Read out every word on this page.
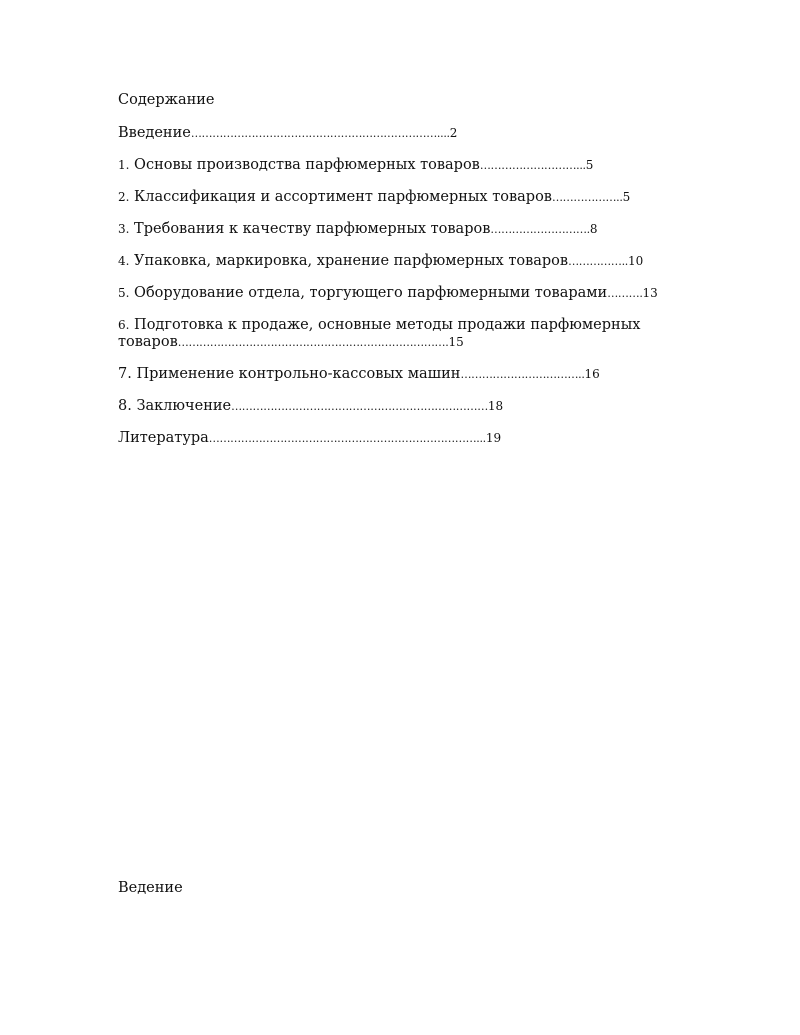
Содержание
Введение……………………………………………………………....2
1. Основы производства парфюмерных товаров………………………...5
2. Классификация и ассортимент парфюмерных товаров………………..5
3. Требования к качеству парфюмерных товаров……………………….8
4. Упаковка, маркировка, хранение парфюмерных товаров……………..10
5. Оборудование отдела, торгующего парфюмерными товарами……….13
6. Подготовка к продаже, основные методы продажи парфюмерных товаров………………………………………………………………….15
7. Применение контрольно-кассовых машин……………………………..16
8. Заключение………………………………………………………………18
Литература…………………………………………………………………...19
Ведение
